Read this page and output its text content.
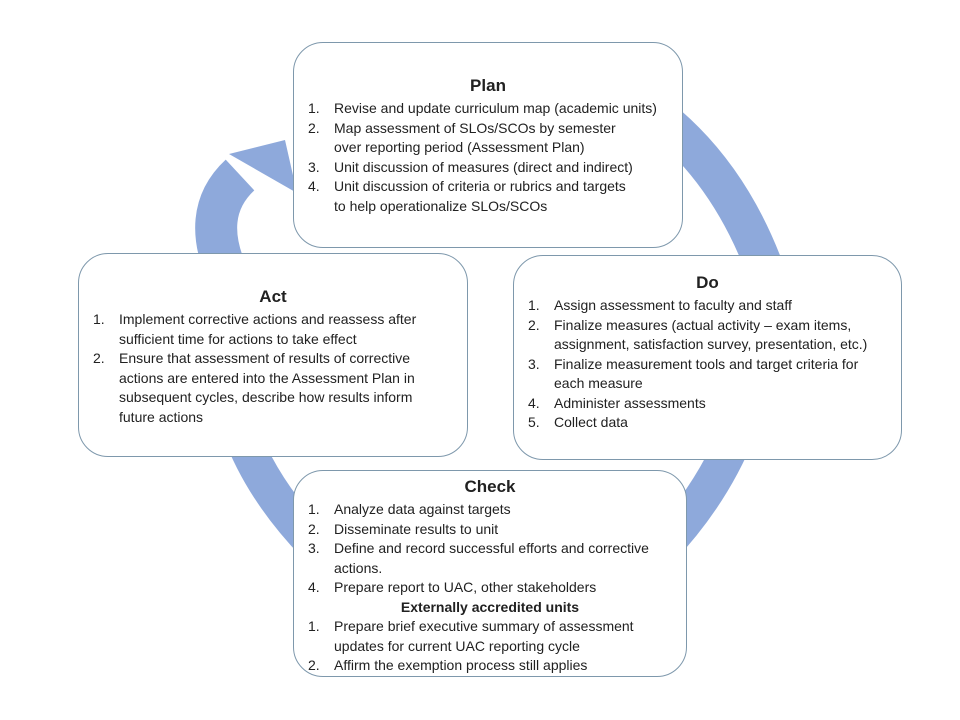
Plan
1.	Revise and update curriculum map (academic units)
2.	Map assessment of SLOs/SCOs by semester
over reporting period (Assessment Plan)
3.	Unit discussion of measures (direct and indirect)
4.	Unit discussion of criteria or rubrics and targets
to help operationalize SLOs/SCOs
Do
1.	Assign assessment to faculty and staff
2.	Finalize measures (actual activity – exam items,
assignment, satisfaction survey, presentation, etc.)
3.	Finalize measurement tools and target criteria for
each measure
4.	Administer assessments
5.	Collect data
Check
1.	Analyze data against targets
2.	Disseminate results to unit
3.	Define and record successful efforts and corrective
actions.
4.	Prepare report to UAC, other stakeholders
Externally accredited units
1.	Prepare brief executive summary of assessment
updates for current UAC reporting cycle
2.	Affirm the exemption process still applies
Act
1.	Implement corrective actions and reassess after
sufficient time for actions to take effect
2.	Ensure that assessment of results of corrective
actions are entered into the Assessment Plan in
subsequent cycles, describe how results inform
future actions
